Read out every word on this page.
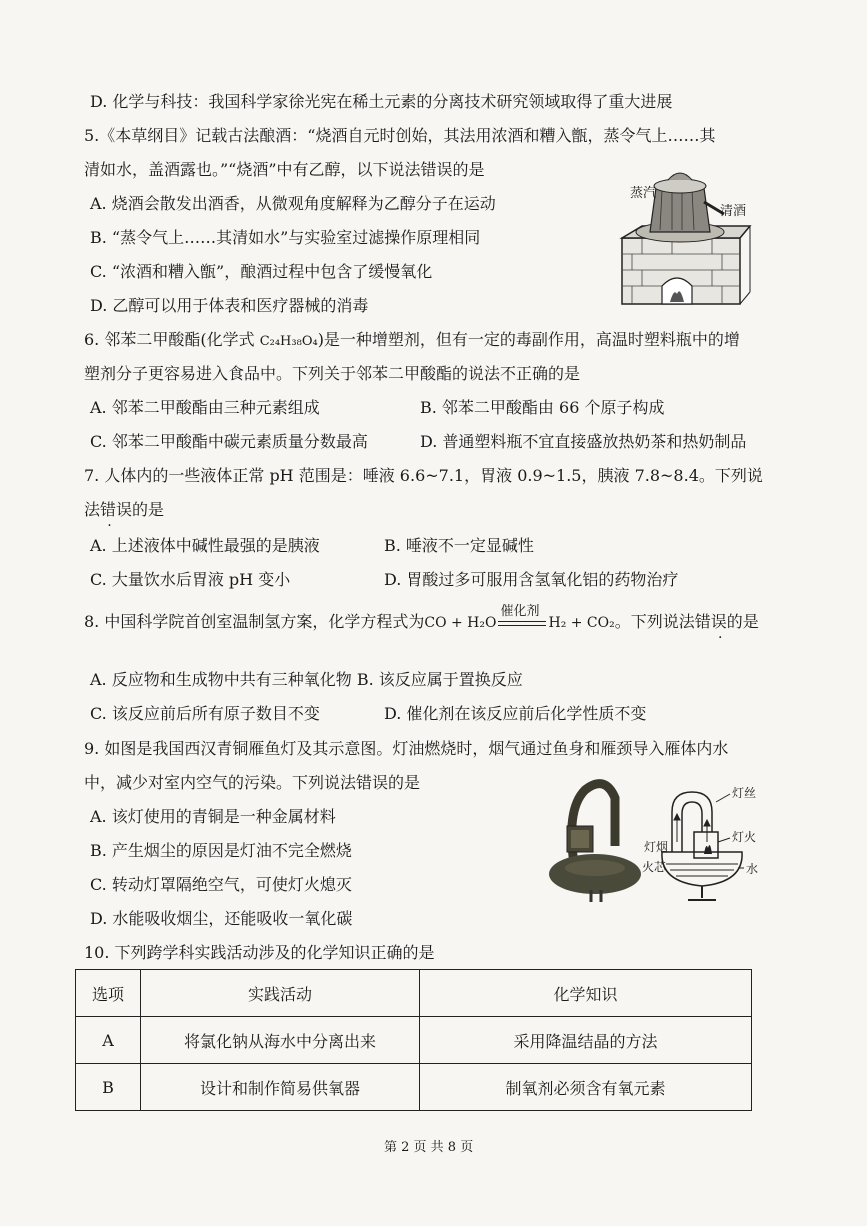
D. 化学与科技：我国科学家徐光宪在稀土元素的分离技术研究领域取得了重大进展
5.《本草纲目》记载古法酿酒：“烧酒自元时创始，其法用浓酒和糟入甑，蒸令气上……其
清如水，盖酒露也。”“烧酒”中有乙醇，以下说法错误的是
A. 烧酒会散发出酒香，从微观角度解释为乙醇分子在运动
B. “蒸令气上……其清如水”与实验室过滤操作原理相同
C. “浓酒和糟入甑”，酿酒过程中包含了缓慢氧化
D. 乙醇可以用于体表和医疗器械的消毒
蒸汽
清酒
6. 邻苯二甲酸酯(化学式 C₂₄H₃₈O₄)是一种增塑剂，但有一定的毒副作用，高温时塑料瓶中的增
塑剂分子更容易进入食品中。下列关于邻苯二甲酸酯的说法不正确的是
A. 邻苯二甲酸酯由三种元素组成	B. 邻苯二甲酸酯由 66 个原子构成
C. 邻苯二甲酸酯中碳元素质量分数最高	D. 普通塑料瓶不宜直接盛放热奶茶和热奶制品
7. 人体内的一些液体正常 pH 范围是：唾液 6.6~7.1，胃液 0.9~1.5，胰液 7.8~8.4。下列说
法错误的是
A. 上述液体中碱性最强的是胰液	B. 唾液不一定显碱性
C. 大量饮水后胃液 pH 变小	D. 胃酸过多可服用含氢氧化铝的药物治疗
8. 中国科学院首创室温制氢方案，化学方程式为CO + H₂O
催化剂
H₂ + CO₂。下列说法错误的是
A. 反应物和生成物中共有三种氧化物 B. 该反应属于置换反应
C. 该反应前后所有原子数目不变	D. 催化剂在该反应前后化学性质不变
9. 如图是我国西汉青铜雁鱼灯及其示意图。灯油燃烧时，烟气通过鱼身和雁颈导入雁体内水
中，减少对室内空气的污染。下列说法错误的是
A. 该灯使用的青铜是一种金属材料
B. 产生烟尘的原因是灯油不完全燃烧
C. 转动灯罩隔绝空气，可使灯火熄灭
D. 水能吸收烟尘，还能吸收一氧化碳
灯丝
灯烟
灯火
火芯	水
10. 下列跨学科实践活动涉及的化学知识正确的是
选项	实践活动	化学知识
A	将氯化钠从海水中分离出来	采用降温结晶的方法
B	设计和制作简易供氧器	制氧剂必须含有氧元素
第 2 页 共 8 页
